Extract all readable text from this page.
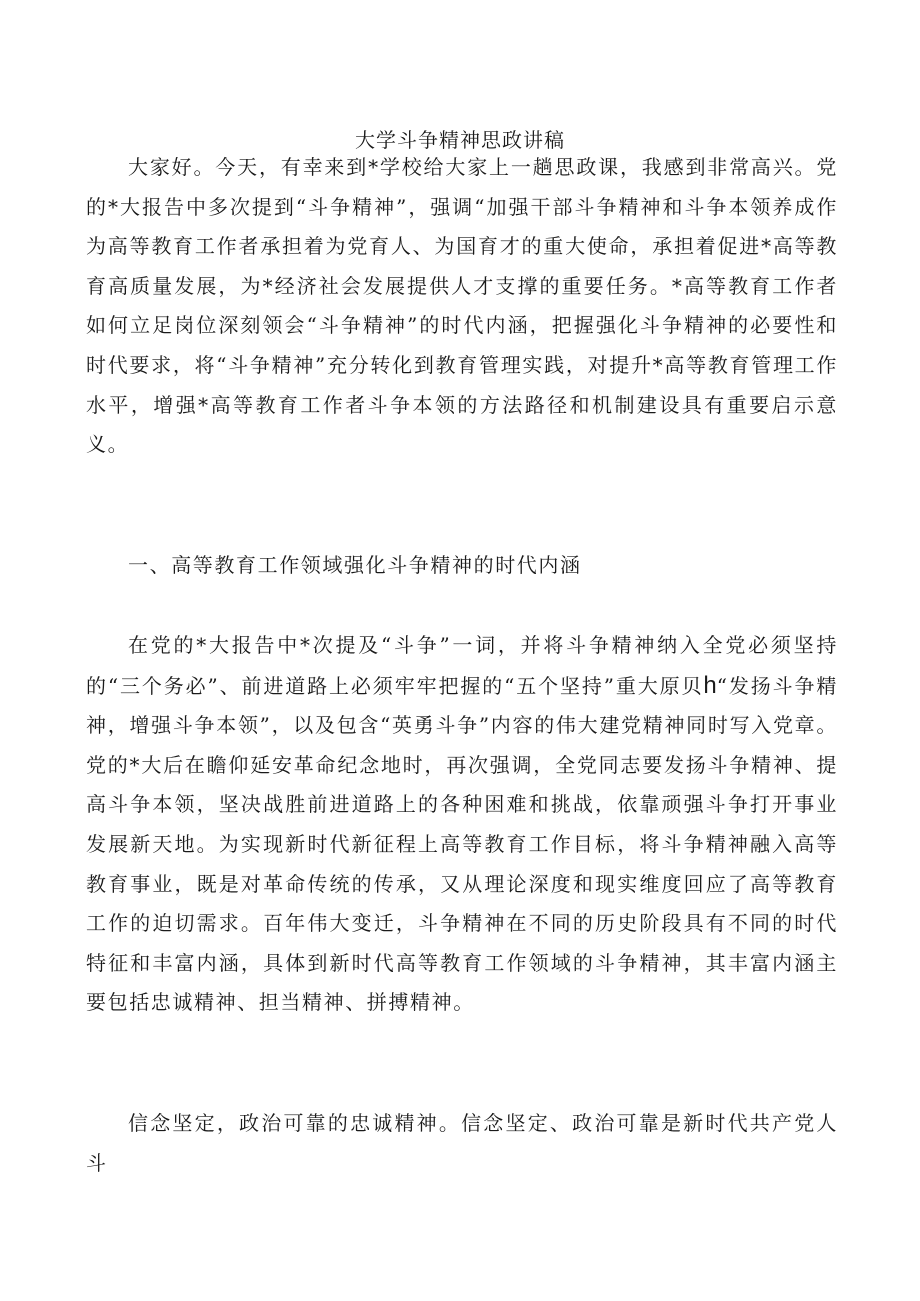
大学斗争精神思政讲稿

大家好。今天，有幸来到*学校给大家上一趟思政课，我感到非常高兴。党的*大报告中多次提到“斗争精神”，强调“加强干部斗争精神和斗争本领养成作为高等教育工作者承担着为党育人、为国育才的重大使命，承担着促进*高等教育高质量发展，为*经济社会发展提供人才支撑的重要任务。*高等教育工作者如何立足岗位深刻领会“斗争精神”的时代内涵，把握强化斗争精神的必要性和时代要求，将“斗争精神”充分转化到教育管理实践，对提升*高等教育管理工作水平，增强*高等教育工作者斗争本领的方法路径和机制建设具有重要启示意义。

一、高等教育工作领域强化斗争精神的时代内涵

在党的*大报告中*次提及“斗争”一词，并将斗争精神纳入全党必须坚持的“三个务必”、前进道路上必须牢牢把握的“五个坚持”重大原贝h“发扬斗争精神，增强斗争本领”，以及包含“英勇斗争”内容的伟大建党精神同时写入党章。党的*大后在瞻仰延安革命纪念地时，再次强调，全党同志要发扬斗争精神、提高斗争本领，坚决战胜前进道路上的各种困难和挑战，依靠顽强斗争打开事业发展新天地。为实现新时代新征程上高等教育工作目标，将斗争精神融入高等教育事业，既是对革命传统的传承，又从理论深度和现实维度回应了高等教育工作的迫切需求。百年伟大变迁，斗争精神在不同的历史阶段具有不同的时代特征和丰富内涵，具体到新时代高等教育工作领域的斗争精神，其丰富内涵主要包括忠诚精神、担当精神、拼搏精神。

信念坚定，政治可靠的忠诚精神。信念坚定、政治可靠是新时代共产党人斗
